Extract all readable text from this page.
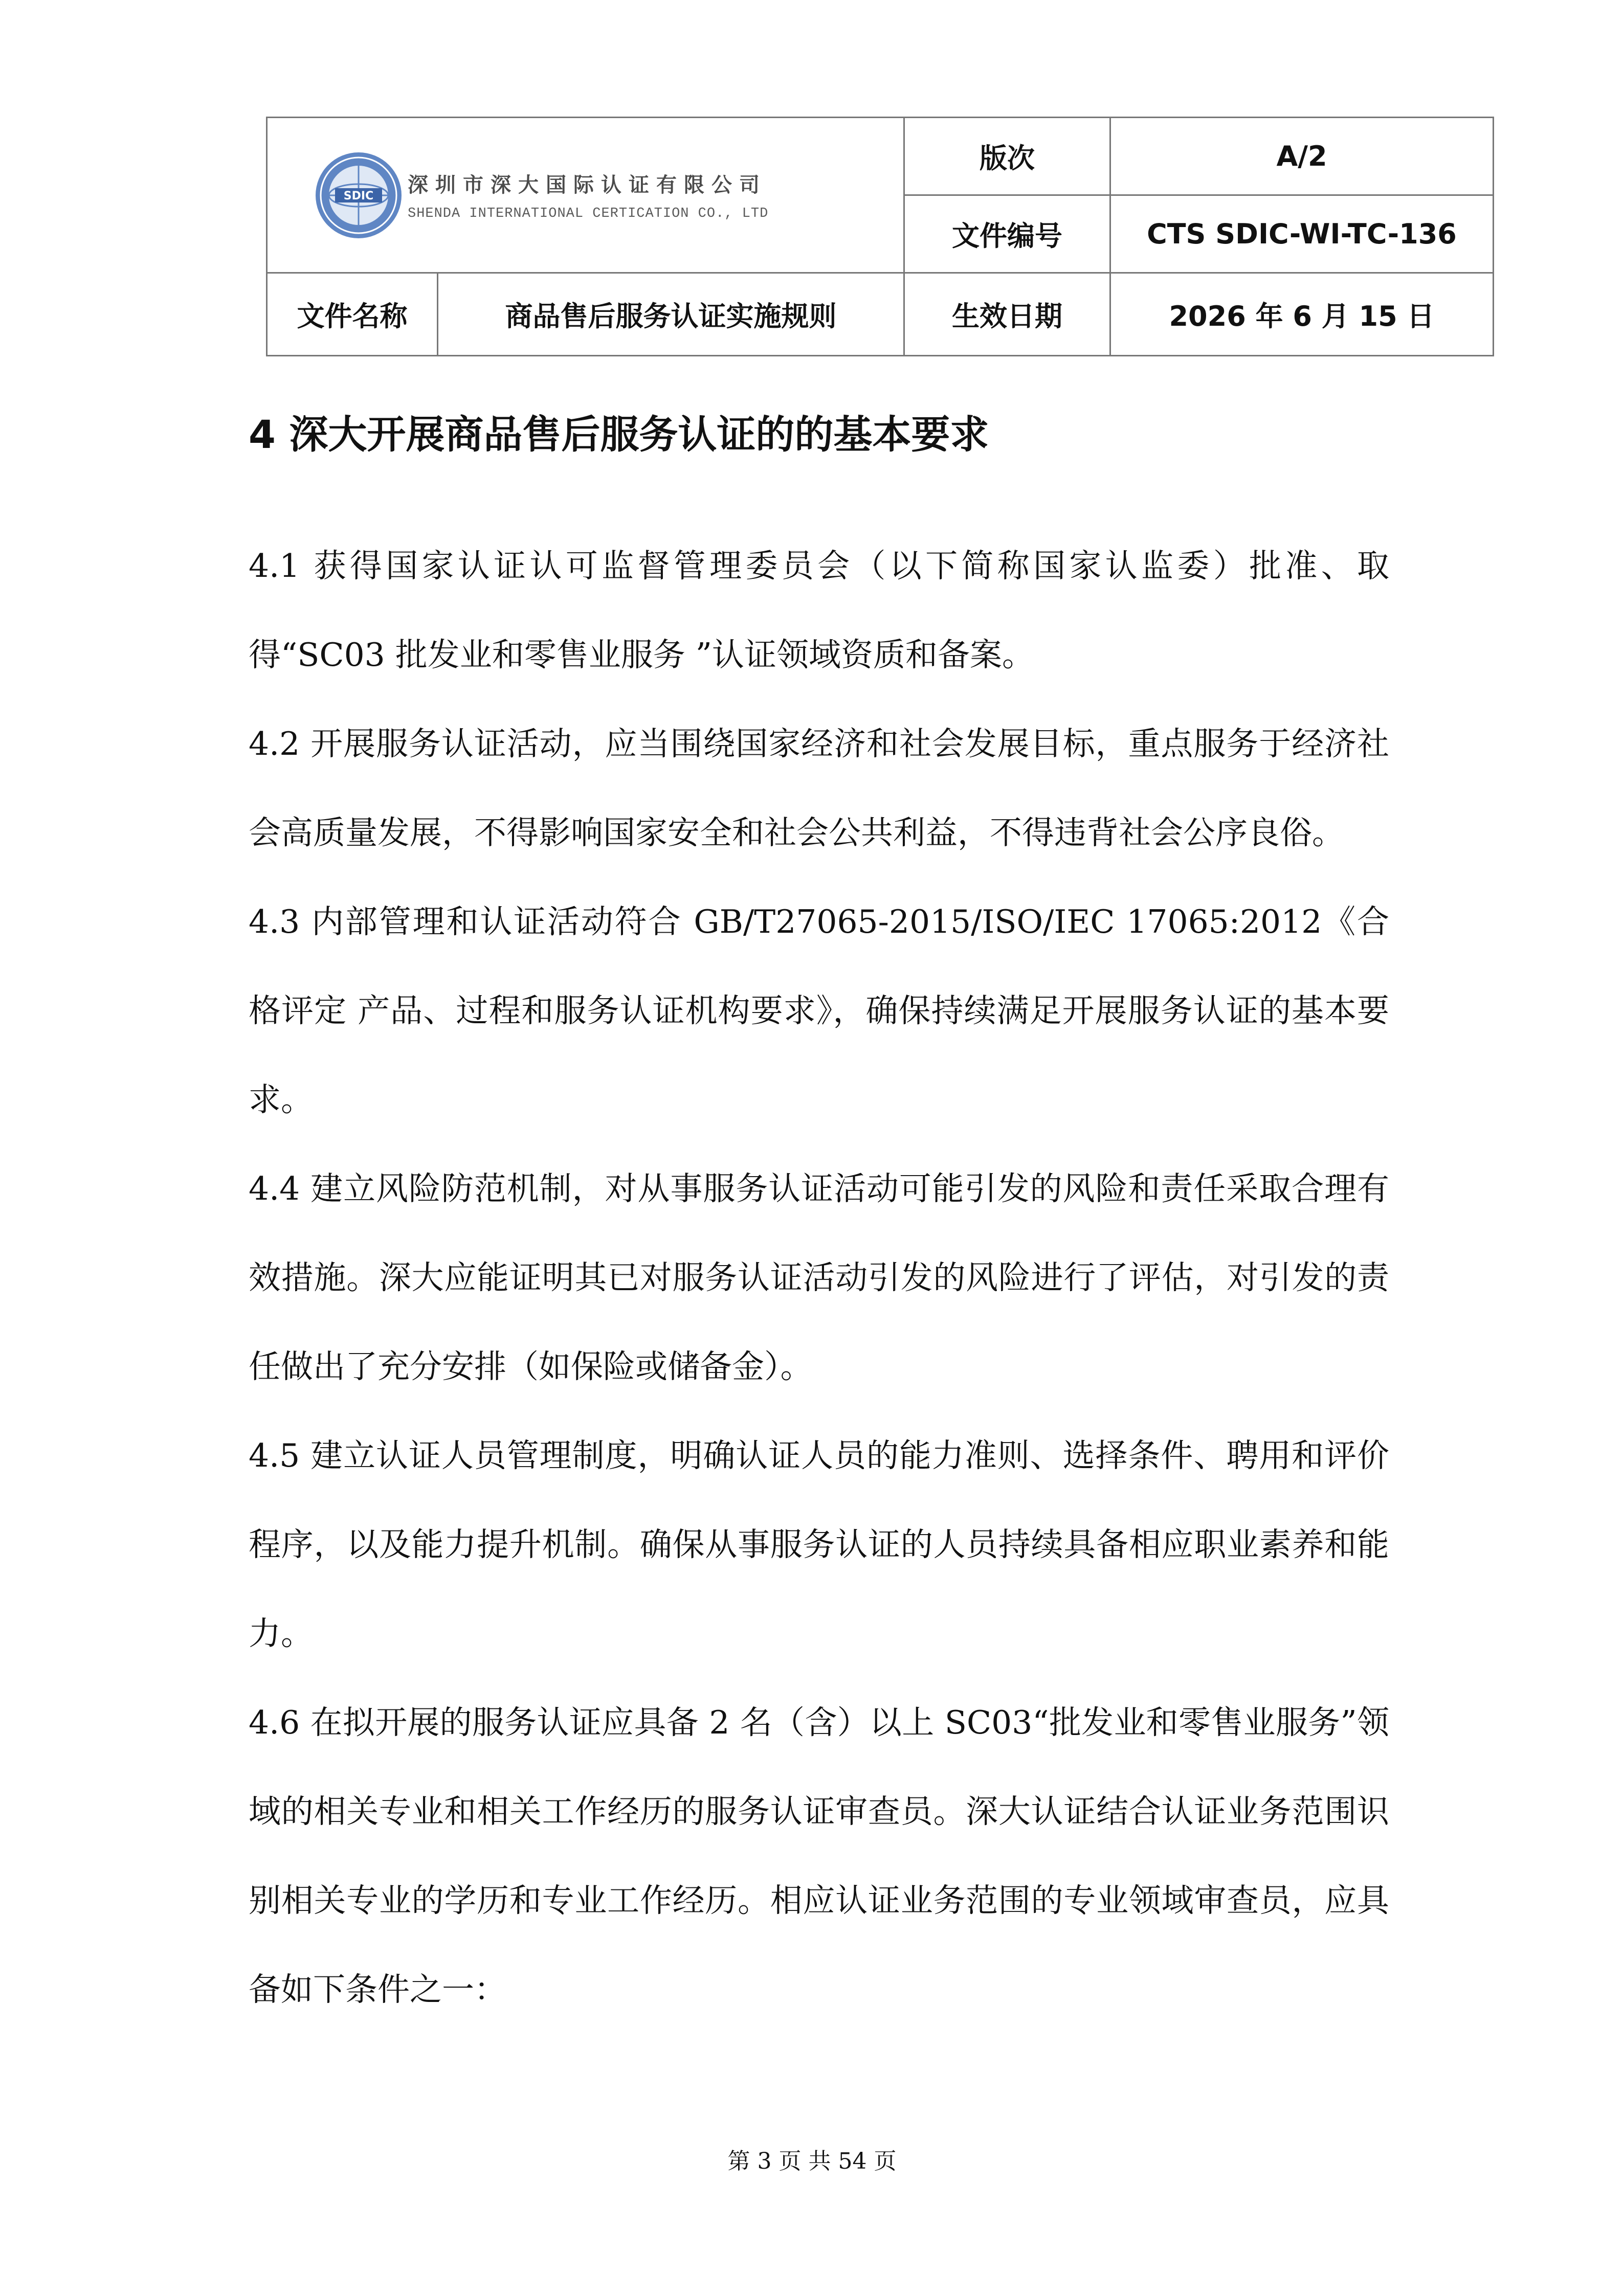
SDIC 深圳市深大国际认证有限公司
SHENDA INTERNATIONAL CERTICATION CO., LTD		版次	A/2
		文件编号	CTS SDIC-WI-TC-136
文件名称	商品售后服务认证实施规则	生效日期	2026 年 6 月 15 日
4 深大开展商品售后服务认证的的基本要求

4.1 获得国家认证认可监督管理委员会（以下简称国家认监委）批准、取得“SC03 批发业和零售业服务 ”认证领域资质和备案。

4.2 开展服务认证活动，应当围绕国家经济和社会发展目标，重点服务于经济社会高质量发展，不得影响国家安全和社会公共利益，不得违背社会公序良俗。

4.3 内部管理和认证活动符合 GB/T27065-2015/ISO/IEC 17065:2012《合格评定 产品、过程和服务认证机构要求》，确保持续满足开展服务认证的基本要求。

4.4 建立风险防范机制，对从事服务认证活动可能引发的风险和责任采取合理有效措施。深大应能证明其已对服务认证活动引发的风险进行了评估，对引发的责任做出了充分安排（如保险或储备金）。

4.5 建立认证人员管理制度，明确认证人员的能力准则、选择条件、聘用和评价程序，以及能力提升机制。确保从事服务认证的人员持续具备相应职业素养和能力。

4.6 在拟开展的服务认证应具备 2 名（含）以上 SC03“批发业和零售业服务”领域的相关专业和相关工作经历的服务认证审查员。深大认证结合认证业务范围识别相关专业的学历和专业工作经历。相应认证业务范围的专业领域审查员，应具备如下条件之一：

第 3 页 共 54 页
